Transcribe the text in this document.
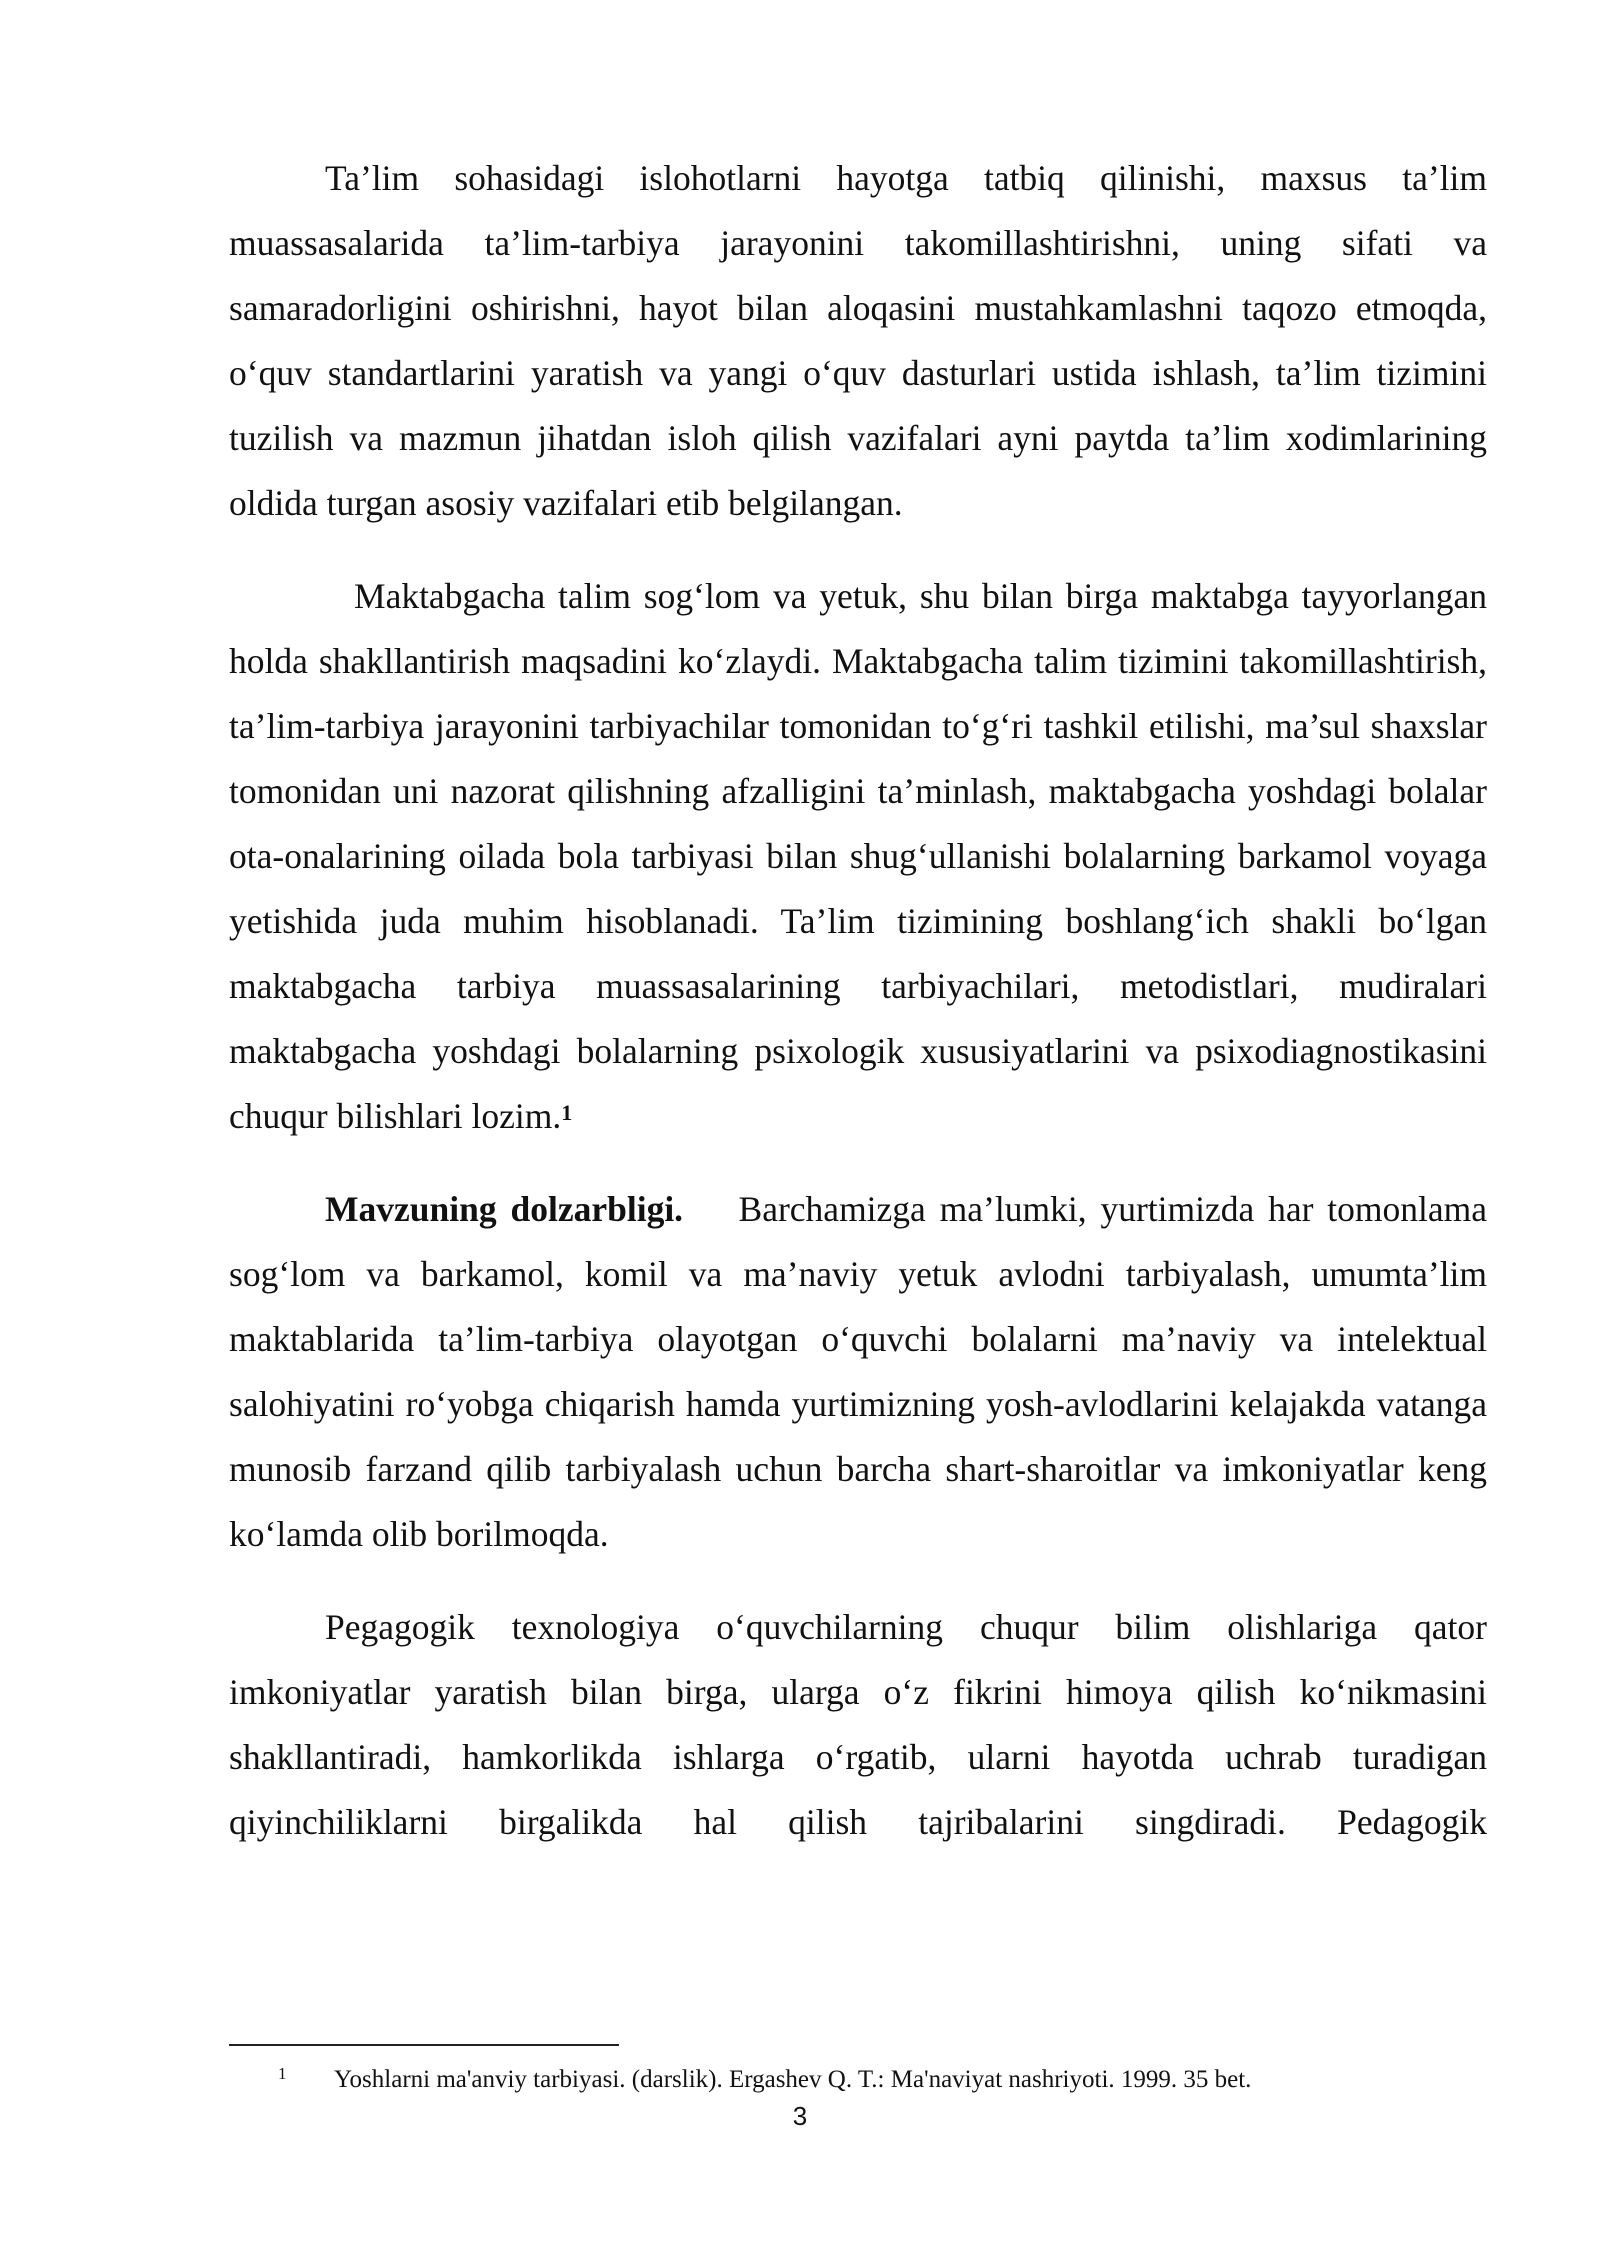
Ta’lim sohasidagi islohotlarni hayotga tatbiq qilinishi, maxsus ta’lim muassasalarida ta’lim-tarbiya jarayonini takomillashtirishni, uning sifati va samaradorligini oshirishni, hayot bilan aloqasini mustahkamlashni taqozo etmoqda, o‘quv standartlarini yaratish va yangi o‘quv dasturlari ustida ishlash, ta’lim tizimini tuzilish va mazmun jihatdan isloh qilish vazifalari ayni paytda ta’lim xodimlarining oldida turgan asosiy vazifalari etib belgilangan.

Maktabgacha talim sog‘lom va yetuk, shu bilan birga maktabga tayyorlangan holda shakllantirish maqsadini ko‘zlaydi. Maktabgacha talim tizimini takomillashtirish, ta’lim-tarbiya jarayonini tarbiyachilar tomonidan to‘g‘ri tashkil etilishi, ma’sul shaxslar tomonidan uni nazorat qilishning afzalligini ta’minlash, maktabgacha yoshdagi bolalar ota-onalarining oilada bola tarbiyasi bilan shug‘ullanishi bolalarning barkamol voyaga yetishida juda muhim hisoblanadi. Ta’lim tizimining boshlang‘ich shakli bo‘lgan maktabgacha tarbiya muassasalarining tarbiyachilari, metodistlari, mudiralari maktabgacha yoshdagi bolalarning psixologik xususiyatlarini va psixodiagnostikasini chuqur bilishlari lozim.$^1$

Mavzuning dolzarbligi. Barchamizga ma’lumki, yurtimizda har tomonlama sog‘lom va barkamol, komil va ma’naviy yetuk avlodni tarbiyalash, umumta’lim maktablarida ta’lim-tarbiya olayotgan o‘quvchi bolalarni ma’naviy va intelektual salohiyatini ro‘yobga chiqarish hamda yurtimizning yosh-avlodlarini kelajakda vatanga munosib farzand qilib tarbiyalash uchun barcha shart-sharoitlar va imkoniyatlar keng ko‘lamda olib borilmoqda.

Pegagogik texnologiya o‘quvchilarning chuqur bilim olishlariga qator imkoniyatlar yaratish bilan birga, ularga o‘z fikrini himoya qilish ko‘nikmasini shakllantiradi, hamkorlikda ishlarga o‘rgatib, ularni hayotda uchrab turadigan qiyinchiliklarni birgalikda hal qilish tajribalarini singdiradi. Pedagogik

1 Yoshlarni ma'anviy tarbiyasi. (darslik). Ergashev Q. T.: Ma'naviyat nashriyoti. 1999. 35 bet.
3
